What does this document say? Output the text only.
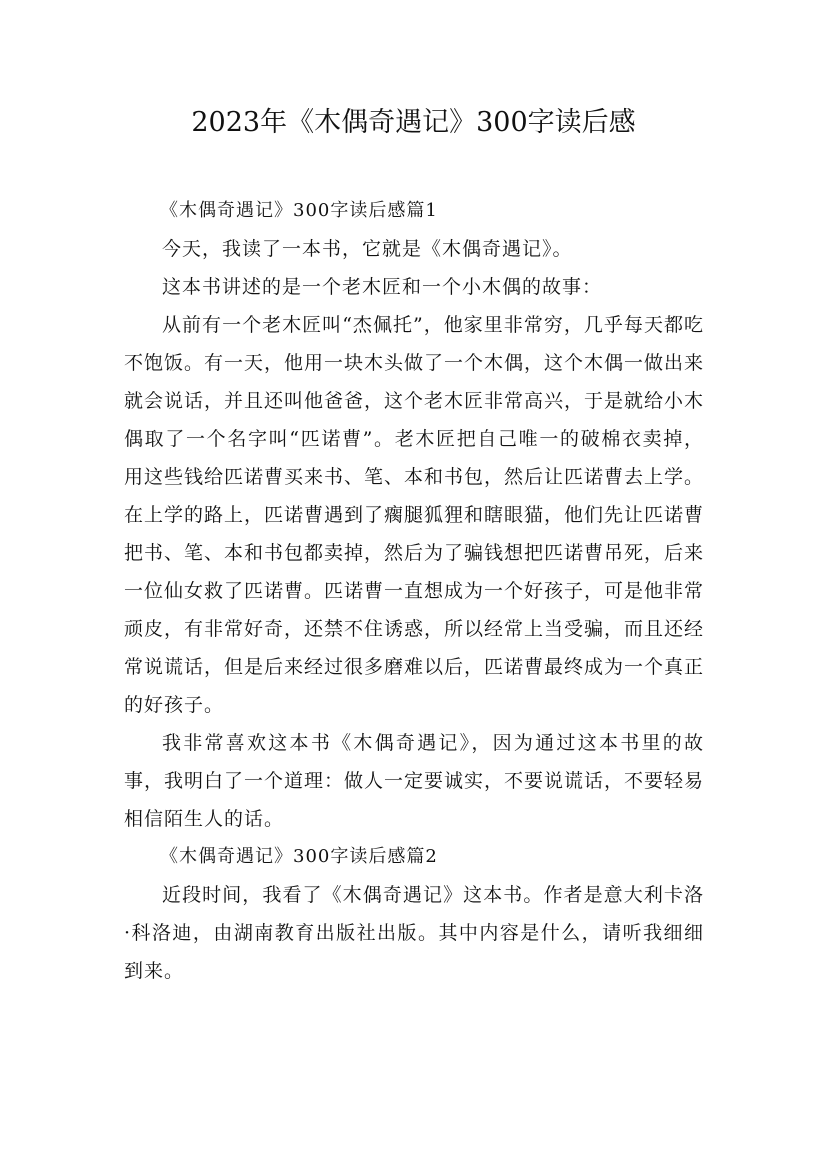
2023年《木偶奇遇记》300字读后感

《木偶奇遇记》300字读后感篇1

今天，我读了一本书，它就是《木偶奇遇记》。

这本书讲述的是一个老木匠和一个小木偶的故事：

从前有一个老木匠叫“杰佩托”，他家里非常穷，几乎每天都吃不饱饭。有一天，他用一块木头做了一个木偶，这个木偶一做出来就会说话，并且还叫他爸爸，这个老木匠非常高兴，于是就给小木偶取了一个名字叫“匹诺曹”。老木匠把自己唯一的破棉衣卖掉，用这些钱给匹诺曹买来书、笔、本和书包，然后让匹诺曹去上学。在上学的路上，匹诺曹遇到了瘸腿狐狸和瞎眼猫，他们先让匹诺曹把书、笔、本和书包都卖掉，然后为了骗钱想把匹诺曹吊死，后来一位仙女救了匹诺曹。匹诺曹一直想成为一个好孩子，可是他非常顽皮，有非常好奇，还禁不住诱惑，所以经常上当受骗，而且还经常说谎话，但是后来经过很多磨难以后，匹诺曹最终成为一个真正的好孩子。

我非常喜欢这本书《木偶奇遇记》，因为通过这本书里的故事，我明白了一个道理：做人一定要诚实，不要说谎话，不要轻易相信陌生人的话。

《木偶奇遇记》300字读后感篇2

近段时间，我看了《木偶奇遇记》这本书。作者是意大利卡洛·科洛迪，由湖南教育出版社出版。其中内容是什么，请听我细细到来。
